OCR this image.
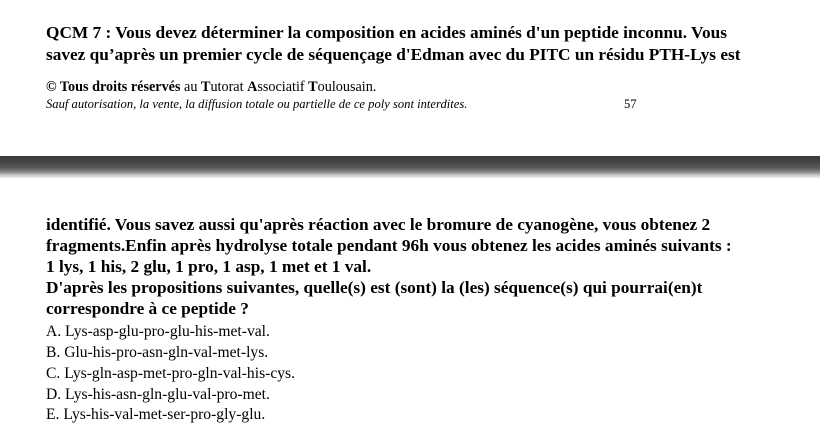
QCM 7 : Vous devez déterminer la composition en acides aminés d'un peptide inconnu. Vous
savez qu’après un premier cycle de séquençage d'Edman avec du PITC un résidu PTH-Lys est
© Tous droits réservés au Tutorat Associatif Toulousain.
Sauf autorisation, la vente, la diffusion totale ou partielle de ce poly sont interdites.	57
identifié. Vous savez aussi qu'après réaction avec le bromure de cyanogène, vous obtenez 2
fragments.Enfin après hydrolyse totale pendant 96h vous obtenez les acides aminés suivants :
1 lys, 1 his, 2 glu, 1 pro, 1 asp, 1 met et 1 val.
D'après les propositions suivantes, quelle(s) est (sont) la (les) séquence(s) qui pourrai(en)t
correspondre à ce peptide ?
A. Lys-asp-glu-pro-glu-his-met-val.
B. Glu-his-pro-asn-gln-val-met-lys.
C. Lys-gln-asp-met-pro-gln-val-his-cys.
D. Lys-his-asn-gln-glu-val-pro-met.
E. Lys-his-val-met-ser-pro-gly-glu.
